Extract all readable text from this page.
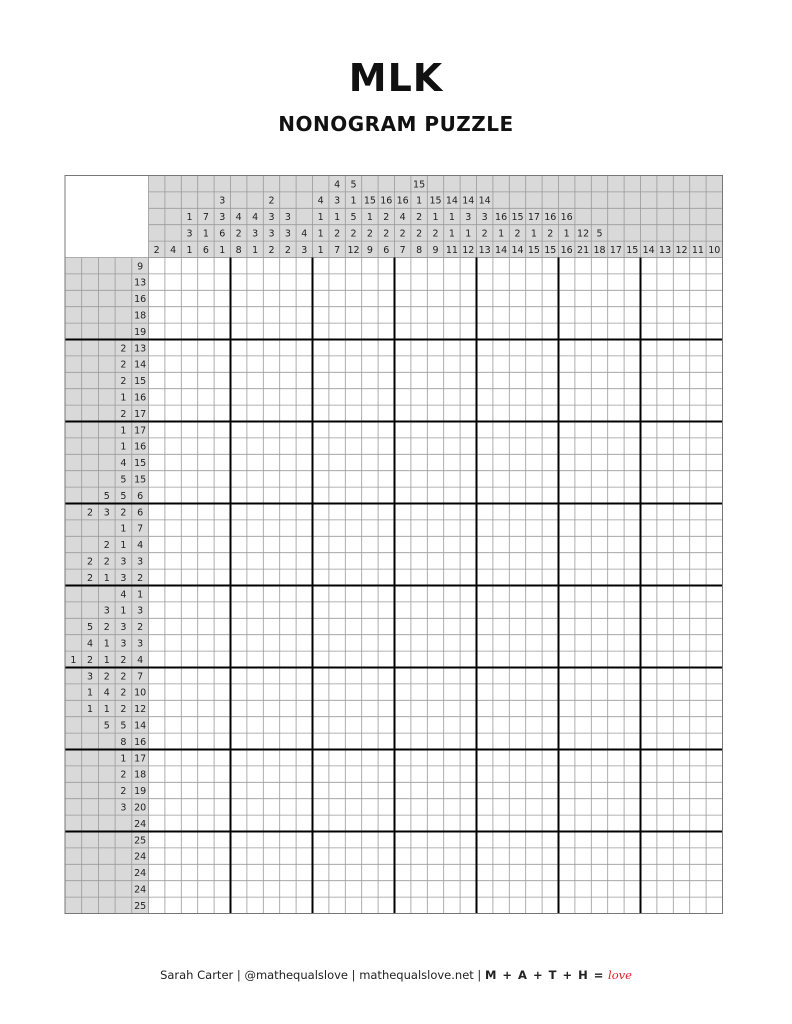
MLK
NONOGRAM PUZZLE
2 4
1
3
1
7
1
6
3
3
6
1
4
2
8
4
3
1
2
3
3
2
3
3
2
4
3
4
1
1
1
4
3
1
2
7
5
1
5
2
12
15
1
2
9
16
2
2
6
16
4
2
7
15
1
2
2
8
15
1
2
9
14
1
1
11
14
3
1
12
14
3
2
13
16
1
14
15
2
14
17
1
15
16
2
15
16
1
16
12
21
5
18 17 15 14 13 12 11 10
9
13
16
18
19
2 13
2 14
2 15
1 16
2 17
1 17
1 16
4 15
5 15
5 5 6
2 3 2 6
1 7
2 1 4
2 2 3 3
2 1 3 2
4 1
3 1 3
5 2 3 2
4 1 3 3
1 2 1 2 4
3 2 2 7
1 4 2 10
1 1 2 12
5 5 14
8 16
1 17
2 18
2 19
3 20
24
25
24
24
24
25
Sarah Carter | @mathequalslove | mathequalslove.net | M + A + T + H = love
